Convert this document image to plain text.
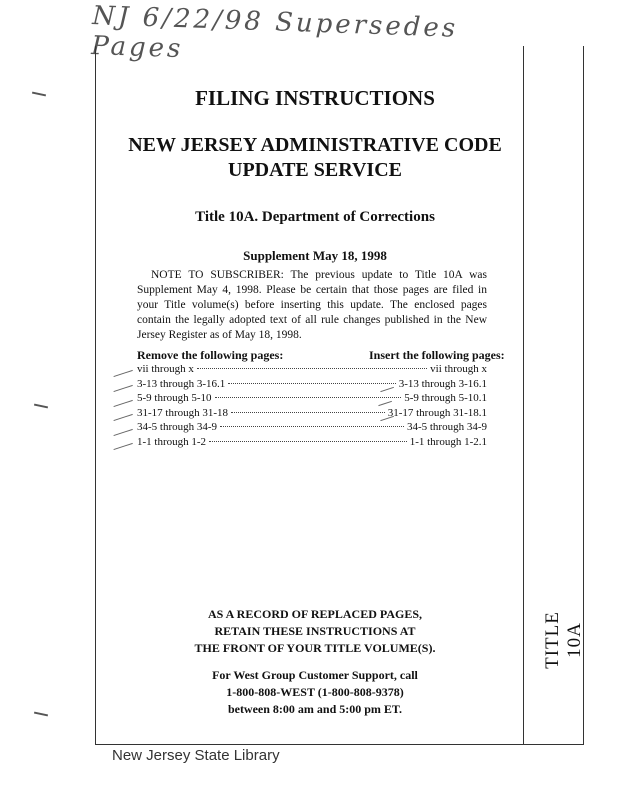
NJ 6/22/98 Supersedes Pages
TITLE 10A
FILING INSTRUCTIONS
NEW JERSEY ADMINISTRATIVE CODE
UPDATE SERVICE
Title 10A. Department of Corrections
Supplement May 18, 1998
NOTE TO SUBSCRIBER: The previous update to Title 10A was Supplement May 4, 1998. Please be certain that those pages are filed in your Title volume(s) before inserting this update. The enclosed pages contain the legally adopted text of all rule changes published in the New Jersey Register as of May 18, 1998.
Remove the following pages:	Insert the following pages:
vii through x	vii through x
3-13 through 3-16.1	3-13 through 3-16.1
5-9 through 5-10	5-9 through 5-10.1
31-17 through 31-18	31-17 through 31-18.1
34-5 through 34-9	34-5 through 34-9
1-1 through 1-2	1-1 through 1-2.1
AS A RECORD OF REPLACED PAGES,
RETAIN THESE INSTRUCTIONS AT
THE FRONT OF YOUR TITLE VOLUME(S).
For West Group Customer Support, call
1-800-808-WEST (1-800-808-9378)
between 8:00 am and 5:00 pm ET.
New Jersey State Library
